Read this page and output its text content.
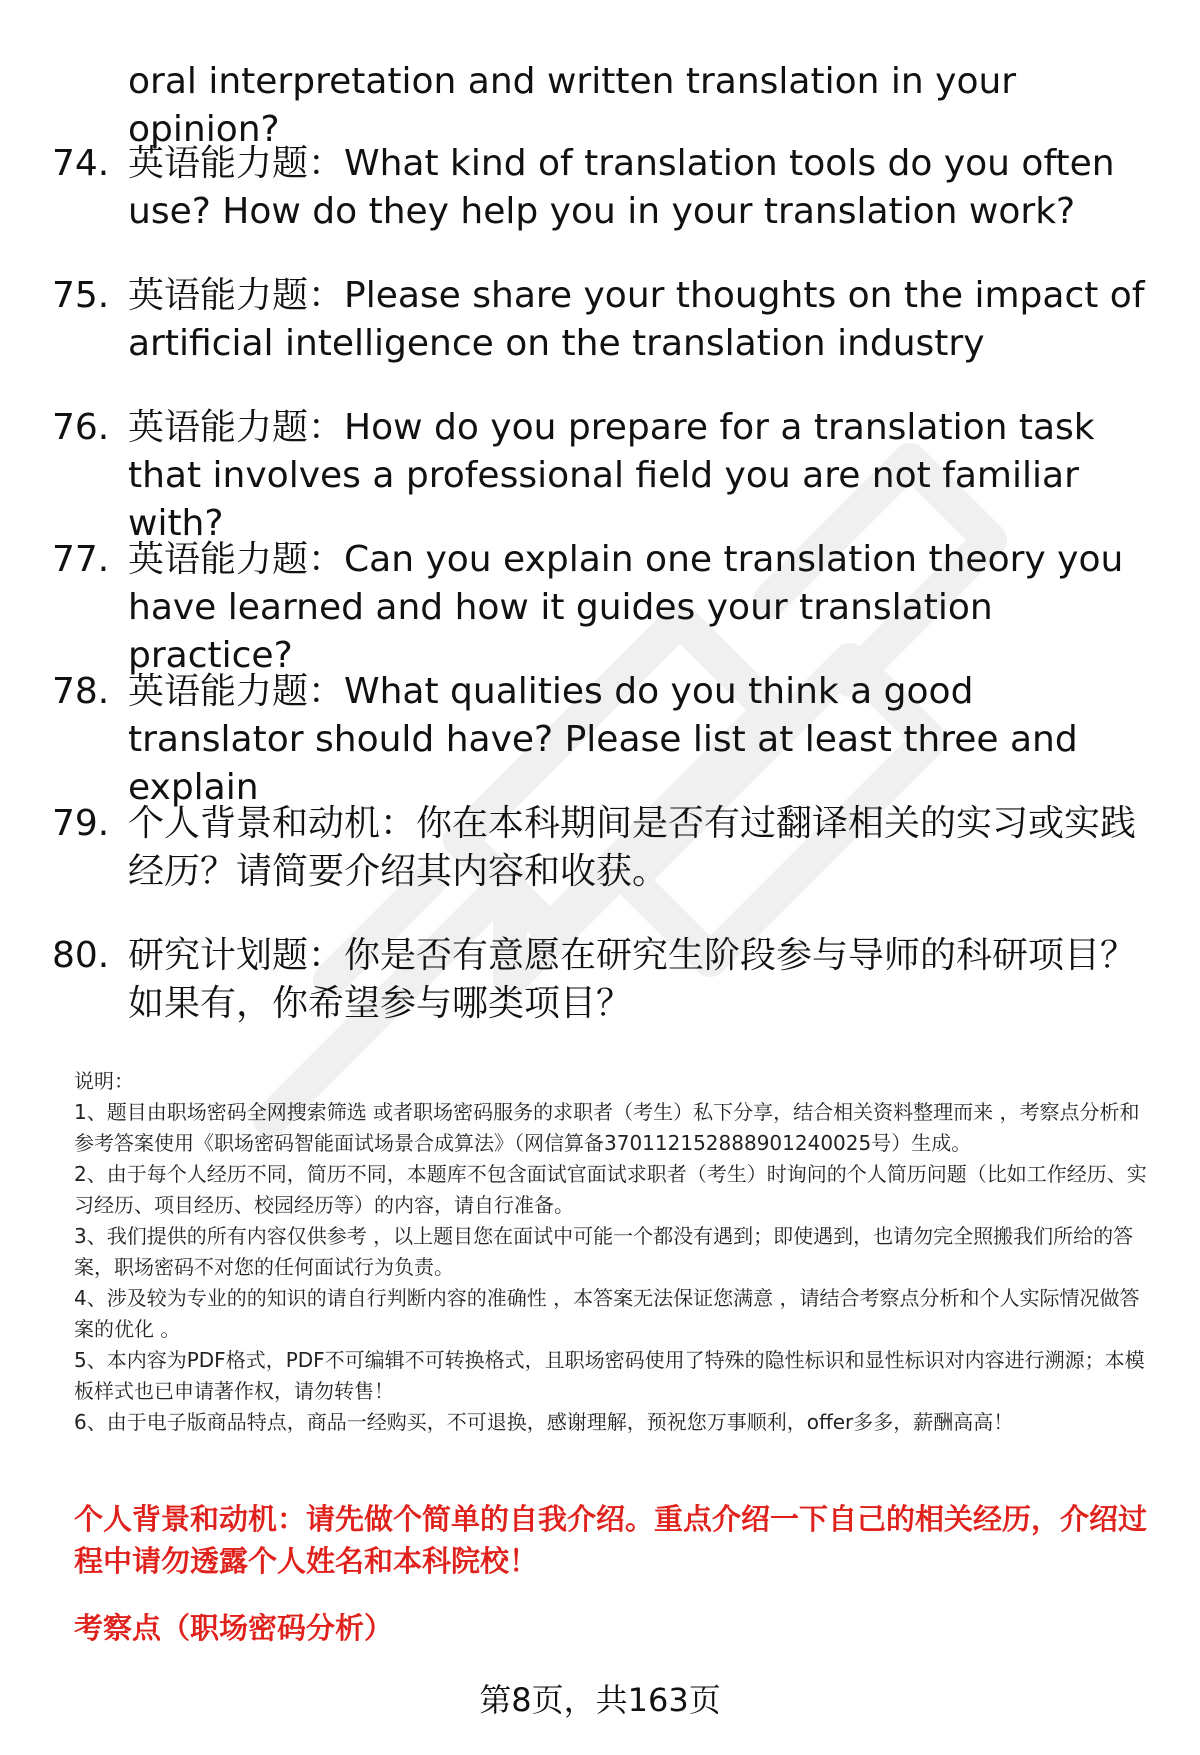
oral interpretation and written translation in your opinion?

74. 英语能力题：What kind of translation tools do you often use? How do they help you in your translation work?
75. 英语能力题：Please share your thoughts on the impact of artificial intelligence on the translation industry
76. 英语能力题：How do you prepare for a translation task that involves a professional field you are not familiar with?
77. 英语能力题：Can you explain one translation theory you have learned and how it guides your translation practice?
78. 英语能力题：What qualities do you think a good translator should have? Please list at least three and explain
79. 个人背景和动机：你在本科期间是否有过翻译相关的实习或实践经历？请简要介绍其内容和收获。
80. 研究计划题：你是否有意愿在研究生阶段参与导师的科研项目？如果有，你希望参与哪类项目？

说明：

1、题目由职场密码全网搜索筛选 或者职场密码服务的求职者（考生）私下分享，结合相关资料整理而来 ，考察点分析和参考答案使用《职场密码智能面试场景合成算法》（网信算备370112152888901240025号）生成。

2、由于每个人经历不同，简历不同，本题库不包含面试官面试求职者（考生）时询问的个人简历问题（比如工作经历、实习经历、项目经历、校园经历等）的内容，请自行准备。

3、我们提供的所有内容仅供参考 ，以上题目您在面试中可能一个都没有遇到；即使遇到，也请勿完全照搬我们所给的答案，职场密码不对您的任何面试行为负责。

4、涉及较为专业的的知识的请自行判断内容的准确性 ，本答案无法保证您满意 ，请结合考察点分析和个人实际情况做答案的优化 。

5、本内容为PDF格式，PDF不可编辑不可转换格式，且职场密码使用了特殊的隐性标识和显性标识对内容进行溯源；本模板样式也已申请著作权，请勿转售！

6、由于电子版商品特点，商品一经购买，不可退换，感谢理解，预祝您万事顺利，offer多多，薪酬高高！

个人背景和动机：请先做个简单的自我介绍。重点介绍一下自己的相关经历，介绍过程中请勿透露个人姓名和本科院校！

考察点（职场密码分析）

第8页，共163页
